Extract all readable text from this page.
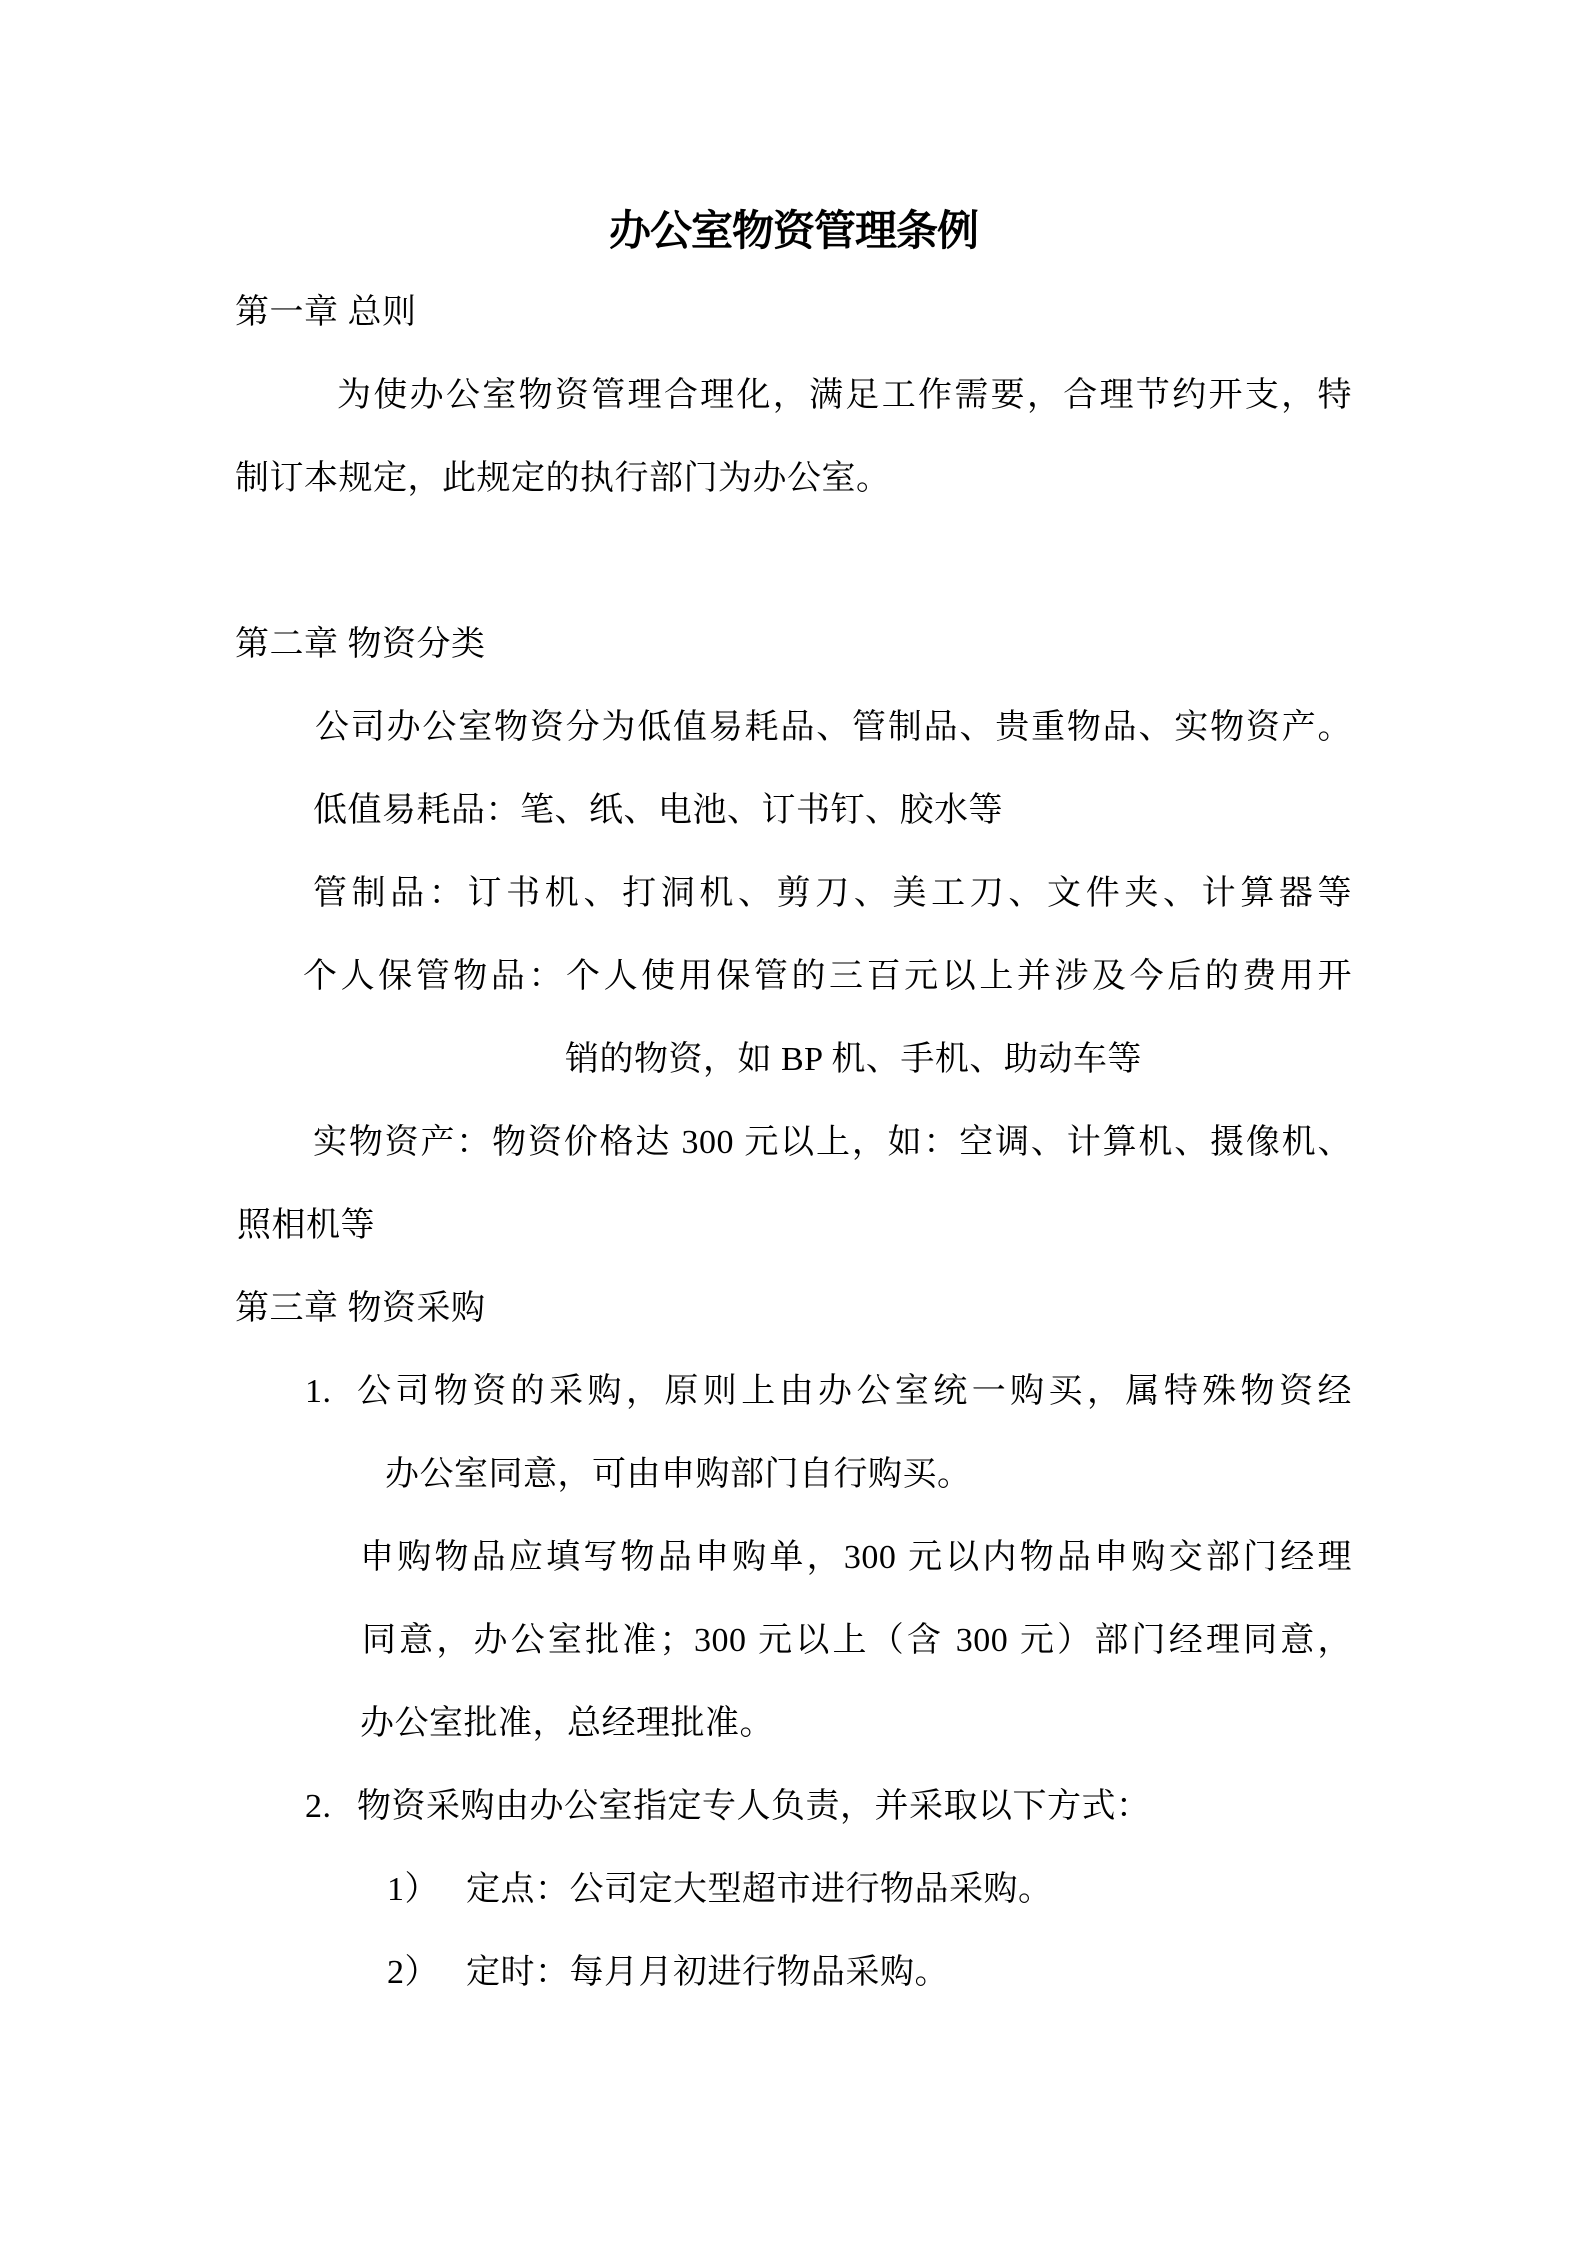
办公室物资管理条例
第一章 总则
为使办公室物资管理合理化，满足工作需要，合理节约开支，特
制订本规定，此规定的执行部门为办公室。
第二章 物资分类
公司办公室物资分为低值易耗品、管制品、贵重物品、实物资产。
低值易耗品：笔、纸、电池、订书钉、胶水等
管制品：订书机、打洞机、剪刀、美工刀、文件夹、计算器等
个人保管物品：个人使用保管的三百元以上并涉及今后的费用开
销的物资，如 BP 机、手机、助动车等
实物资产：物资价格达 300 元以上，如：空调、计算机、摄像机、
照相机等
第三章 物资采购
1. 公司物资的采购，原则上由办公室统一购买，属特殊物资经
办公室同意，可由申购部门自行购买。
申购物品应填写物品申购单，300 元以内物品申购交部门经理
同意，办公室批准；300 元以上（含 300 元）部门经理同意，
办公室批准，总经理批准。
2. 物资采购由办公室指定专人负责，并采取以下方式：
1） 定点：公司定大型超市进行物品采购。
2） 定时：每月月初进行物品采购。
